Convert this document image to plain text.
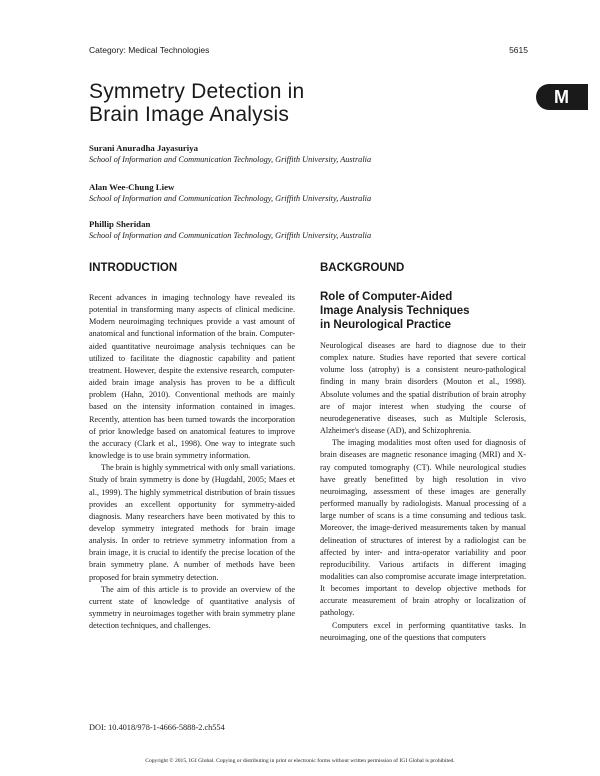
Category: Medical Technologies	5615
M
Symmetry Detection in
Brain Image Analysis
Surani Anuradha Jayasuriya
School of Information and Communication Technology, Griffith University, Australia
Alan Wee-Chung Liew
School of Information and Communication Technology, Griffith University, Australia
Phillip Sheridan
School of Information and Communication Technology, Griffith University, Australia
INTRODUCTION	BACKGROUND

Recent advances in imaging technology have revealed its potential in transforming many aspects of clinical medicine. Modern neuroimaging techniques provide a vast amount of anatomical and functional information of the brain. Computer-aided quantitative neuroimage analysis techniques can be utilized to facilitate the diagnostic capability and patient treatment. However, despite the extensive research, computer-aided brain image analysis has proven to be a difficult problem (Hahn, 2010). Conventional methods are mainly based on the intensity information contained in images. Recently, attention has been turned towards the incorporation of prior knowledge based on anatomical features to improve the accuracy (Clark et al., 1998). One way to integrate such knowledge is to use brain symmetry information.

The brain is highly symmetrical with only small variations. Study of brain symmetry is done by (Hugdahl, 2005; Maes et al., 1999). The highly symmetrical distribution of brain tissues provides an excellent opportunity for symmetry-aided diagnosis. Many researchers have been motivated by this to develop symmetry integrated methods for brain image analysis. In order to retrieve symmetry information from a brain image, it is crucial to identify the precise location of the brain symmetry plane. A number of methods have been proposed for brain symmetry detection.

The aim of this article is to provide an overview of the current state of knowledge of quantitative analysis of symmetry in neuroimages together with brain symmetry plane detection techniques, and challenges.

Role of Computer-Aided
Image Analysis Techniques
in Neurological Practice

Neurological diseases are hard to diagnose due to their complex nature. Studies have reported that severe cortical volume loss (atrophy) is a consistent neuro-pathological finding in many brain disorders (Mouton et al., 1998). Absolute volumes and the spatial distribution of brain atrophy are of major interest when studying the course of neurodegenerative diseases, such as Multiple Sclerosis, Alzheimer's disease (AD), and Schizophrenia.

The imaging modalities most often used for diagnosis of brain diseases are magnetic resonance imaging (MRI) and X-ray computed tomography (CT). While neurological studies have greatly benefitted by high resolution in vivo neuroimaging, assessment of these images are generally performed manually by radiologists. Manual processing of a large number of scans is a time consuming and tedious task. Moreover, the image-derived measurements taken by manual delineation of structures of interest by a radiologist can be affected by inter- and intra-operator variability and poor reproducibility. Various artifacts in different imaging modalities can also compromise accurate image interpretation. It becomes important to develop objective methods for accurate measurement of brain atrophy or localization of pathology.

Computers excel in performing quantitative tasks. In neuroimaging, one of the questions that computers

DOI: 10.4018/978-1-4666-5888-2.ch554
Copyright © 2015, IGI Global. Copying or distributing in print or electronic forms without written permission of IGI Global is prohibited.
